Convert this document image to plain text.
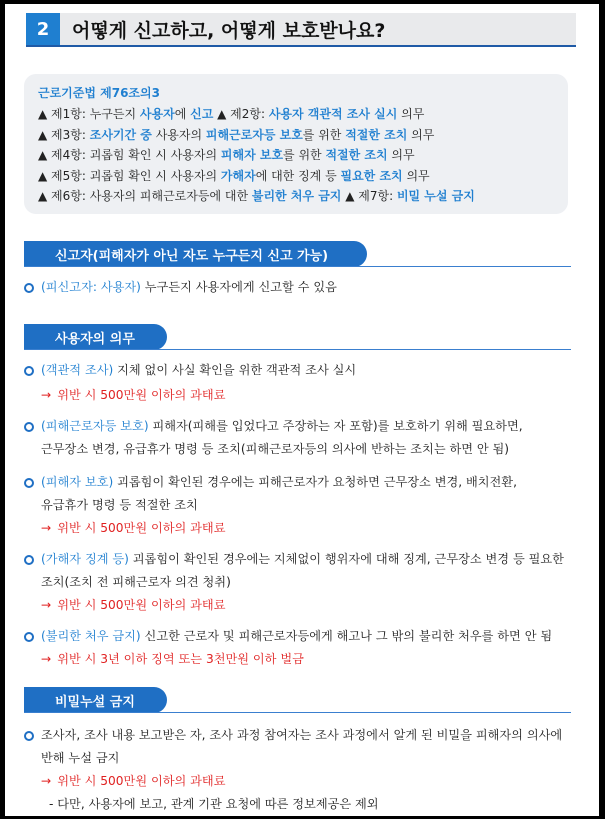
2	어떻게 신고하고, 어떻게 보호받나요?
근로기준법 제76조의3
▲ 제1항: 누구든지 사용자에 신고 ▲ 제2항: 사용자 객관적 조사 실시 의무
▲ 제3항: 조사기간 중 사용자의 피해근로자등 보호를 위한 적절한 조치 의무
▲ 제4항: 괴롭힘 확인 시 사용자의 피해자 보호를 위한 적절한 조치 의무
▲ 제5항: 괴롭힘 확인 시 사용자의 가해자에 대한 징계 등 필요한 조치 의무
▲ 제6항: 사용자의 피해근로자등에 대한 불리한 처우 금지 ▲ 제7항: 비밀 누설 금지
신고자(피해자가 아닌 자도 누구든지 신고 가능)
(피신고자: 사용자) 누구든지 사용자에게 신고할 수 있음
사용자의 의무
(객관적 조사) 지체 없이 사실 확인을 위한 객관적 조사 실시
→ 위반 시 500만원 이하의 과태료
(피해근로자등 보호) 피해자(피해를 입었다고 주장하는 자 포함)를 보호하기 위해 필요하면,
근무장소 변경, 유급휴가 명령 등 조치(피해근로자등의 의사에 반하는 조치는 하면 안 됨)
(피해자 보호) 괴롭힘이 확인된 경우에는 피해근로자가 요청하면 근무장소 변경, 배치전환,
유급휴가 명령 등 적절한 조치
→ 위반 시 500만원 이하의 과태료
(가해자 징계 등) 괴롭힘이 확인된 경우에는 지체없이 행위자에 대해 징계, 근무장소 변경 등 필요한
조치(조치 전 피해근로자 의견 청취)
→ 위반 시 500만원 이하의 과태료
(불리한 처우 금지) 신고한 근로자 및 피해근로자등에게 해고나 그 밖의 불리한 처우를 하면 안 됨
→ 위반 시 3년 이하 징역 또는 3천만원 이하 벌금
비밀누설 금지
조사자, 조사 내용 보고받은 자, 조사 과정 참여자는 조사 과정에서 알게 된 비밀을 피해자의 의사에
반해 누설 금지
→ 위반 시 500만원 이하의 과태료
- 다만, 사용자에 보고, 관계 기관 요청에 따른 정보제공은 제외
